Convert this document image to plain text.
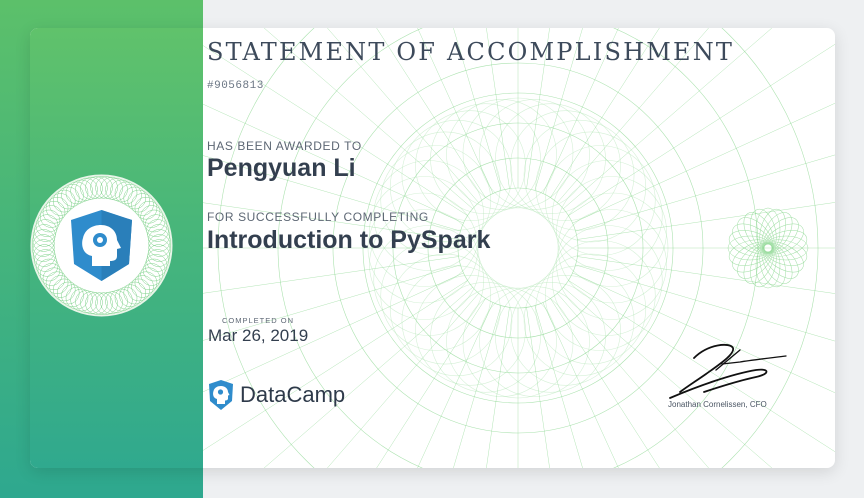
STATEMENT OF ACCOMPLISHMENT
#9056813
HAS BEEN AWARDED TO
Pengyuan Li
FOR SUCCESSFULLY COMPLETING
Introduction to PySpark
COMPLETED ON
Mar 26, 2019
DataCamp	Jonathan Cornelissen, CFO
